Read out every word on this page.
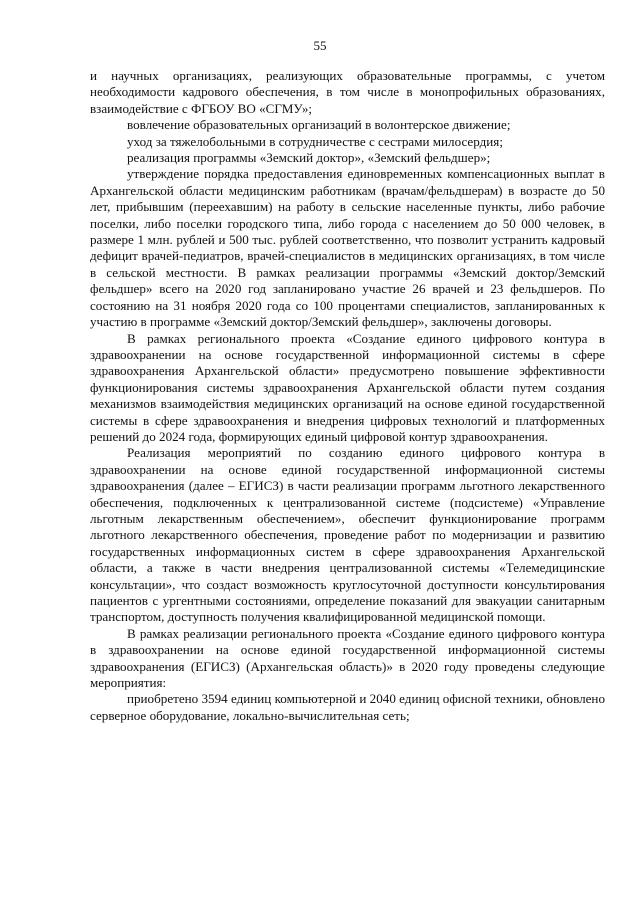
55

и научных организациях, реализующих образовательные программы, с учетом необходимости кадрового обеспечения, в том числе в монопрофильных образованиях, взаимодействие с ФГБОУ ВО «СГМУ»;

вовлечение образовательных организаций в волонтерское движение;

уход за тяжелобольными в сотрудничестве с сестрами милосердия;

реализация программы «Земский доктор», «Земский фельдшер»;

утверждение порядка предоставления единовременных компенсационных выплат в Архангельской области медицинским работникам (врачам/фельдшерам) в возрасте до 50 лет, прибывшим (переехавшим) на работу в сельские населенные пункты, либо рабочие поселки, либо поселки городского типа, либо города с населением до 50 000 человек, в размере 1 млн. рублей и 500 тыс. рублей соответственно, что позволит устранить кадровый дефицит врачей-педиатров, врачей-специалистов в медицинских организациях, в том числе в сельской местности. В рамках реализации программы «Земский доктор/Земский фельдшер» всего на 2020 год запланировано участие 26 врачей и 23 фельдшеров. По состоянию на 31 ноября 2020 года со 100 процентами специалистов, запланированных к участию в программе «Земский доктор/Земский фельдшер», заключены договоры.

В рамках регионального проекта «Создание единого цифрового контура в здравоохранении на основе государственной информационной системы в сфере здравоохранения Архангельской области» предусмотрено повышение эффективности функционирования системы здравоохранения Архангельской области путем создания механизмов взаимодействия медицинских организаций на основе единой государственной системы в сфере здравоохранения и внедрения цифровых технологий и платформенных решений до 2024 года, формирующих единый цифровой контур здравоохранения.

Реализация мероприятий по созданию единого цифрового контура в здравоохранении на основе единой государственной информационной системы здравоохранения (далее – ЕГИСЗ) в части реализации программ льготного лекарственного обеспечения, подключенных к централизованной системе (подсистеме) «Управление льготным лекарственным обеспечением», обеспечит функционирование программ льготного лекарственного обеспечения, проведение работ по модернизации и развитию государственных информационных систем в сфере здравоохранения Архангельской области, а также в части внедрения централизованной системы «Телемедицинские консультации», что создаст возможность круглосуточной доступности консультирования пациентов с ургентными состояниями, определение показаний для эвакуации санитарным транспортом, доступность получения квалифицированной медицинской помощи.

В рамках реализации регионального проекта «Создание единого цифрового контура в здравоохранении на основе единой государственной информационной системы здравоохранения (ЕГИСЗ) (Архангельская область)» в 2020 году проведены следующие мероприятия:

приобретено 3594 единиц компьютерной и 2040 единиц офисной техники, обновлено серверное оборудование, локально-вычислительная сеть;
